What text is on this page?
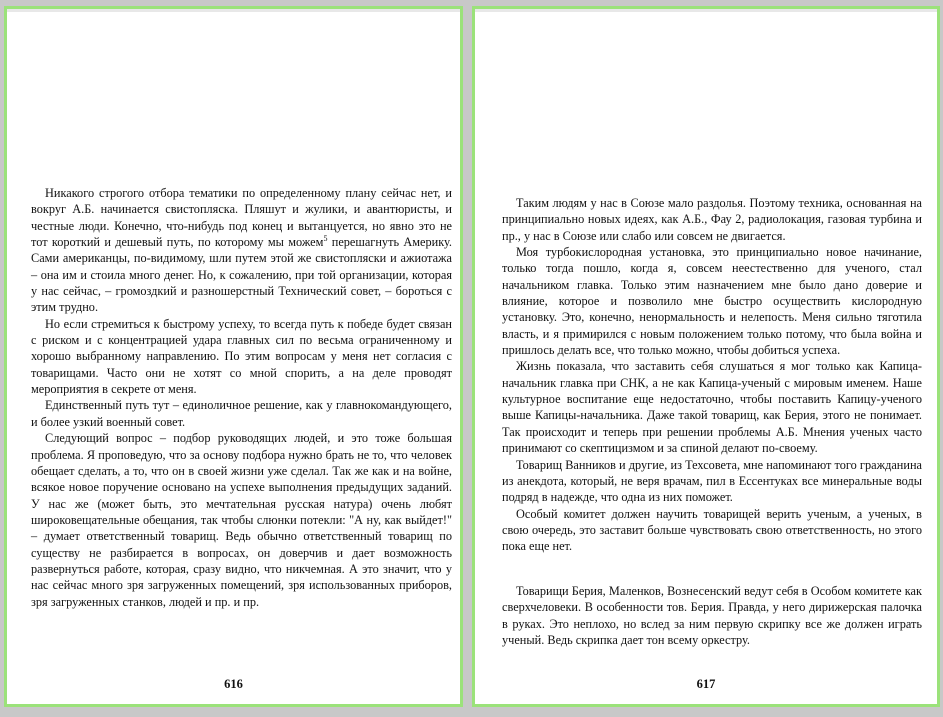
Никакого строгого отбора тематики по определенному плану сейчас нет, и вокруг А.Б. начинается свистопляска. Пляшут и жулики, и авантюристы, и честные люди. Конечно, что-нибудь под конец и вытанцуется, но явно это не тот короткий и дешевый путь, по которому мы можем$^5$ перешагнуть Америку. Сами американцы, по-видимому, шли путем этой же свистопляски и ажиотажа – она им и стоила много денег. Но, к сожалению, при той организации, которая у нас сейчас, – громоздкий и разношерстный Технический совет, – бороться с этим трудно.

Но если стремиться к быстрому успеху, то всегда путь к победе будет связан с риском и с концентрацией удара главных сил по весьма ограниченному и хорошо выбранному направлению. По этим вопросам у меня нет согласия с товарищами. Часто они не хотят со мной спорить, а на деле проводят мероприятия в секрете от меня.

Единственный путь тут – единоличное решение, как у главнокомандующего, и более узкий военный совет.

Следующий вопрос – подбор руководящих людей, и это тоже большая проблема. Я проповедую, что за основу подбора нужно брать не то, что человек обещает сделать, а то, что он в своей жизни уже сделал. Так же как и на войне, всякое новое поручение основано на успехе выполнения предыдущих заданий. У нас же (может быть, это мечтательная русская натура) очень любят широковещательные обещания, так чтобы слюнки потекли: "А ну, как выйдет!" – думает ответственный товарищ. Ведь обычно ответственный товарищ по существу не разбирается в вопросах, он доверчив и дает возможность развернуться работе, которая, сразу видно, что никчемная. А это значит, что у нас сейчас много зря загруженных помещений, зря использованных приборов, зря загруженных станков, людей и пр. и пр.

616

Таким людям у нас в Союзе мало раздолья. Поэтому техника, основанная на принципиально новых идеях, как А.Б., Фау 2, радиолокация, газовая турбина и пр., у нас в Союзе или слабо или совсем не двигается.

Моя турбокислородная установка, это принципиально новое начинание, только тогда пошло, когда я, совсем неестественно для ученого, стал начальником главка. Только этим назначением мне было дано доверие и влияние, которое и позволило мне быстро осуществить кислородную установку. Это, конечно, ненормальность и нелепость. Меня сильно тяготила власть, и я примирился с новым положением только потому, что была война и пришлось делать все, что только можно, чтобы добиться успеха.

Жизнь показала, что заставить себя слушаться я мог только как Капица-начальник главка при СНК, а не как Капица-ученый с мировым именем. Наше культурное воспитание еще недостаточно, чтобы поставить Капицу-ученого выше Капицы-начальника. Даже такой товарищ, как Берия, этого не понимает. Так происходит и теперь при решении проблемы А.Б. Мнения ученых часто принимают со скептицизмом и за спиной делают по-своему.

Товарищ Ванников и другие, из Техсовета, мне напоминают того гражданина из анекдота, который, не веря врачам, пил в Ессентуках все минеральные воды подряд в надежде, что одна из них поможет.

Особый комитет должен научить товарищей верить ученым, а ученых, в свою очередь, это заставит больше чувствовать свою ответственность, но этого пока еще нет.

Товарищи Берия, Маленков, Вознесенский ведут себя в Особом комитете как сверхчеловеки. В особенности тов. Берия. Правда, у него дирижерская палочка в руках. Это неплохо, но вслед за ним первую скрипку все же должен играть ученый. Ведь скрипка дает тон всему оркестру.

617
